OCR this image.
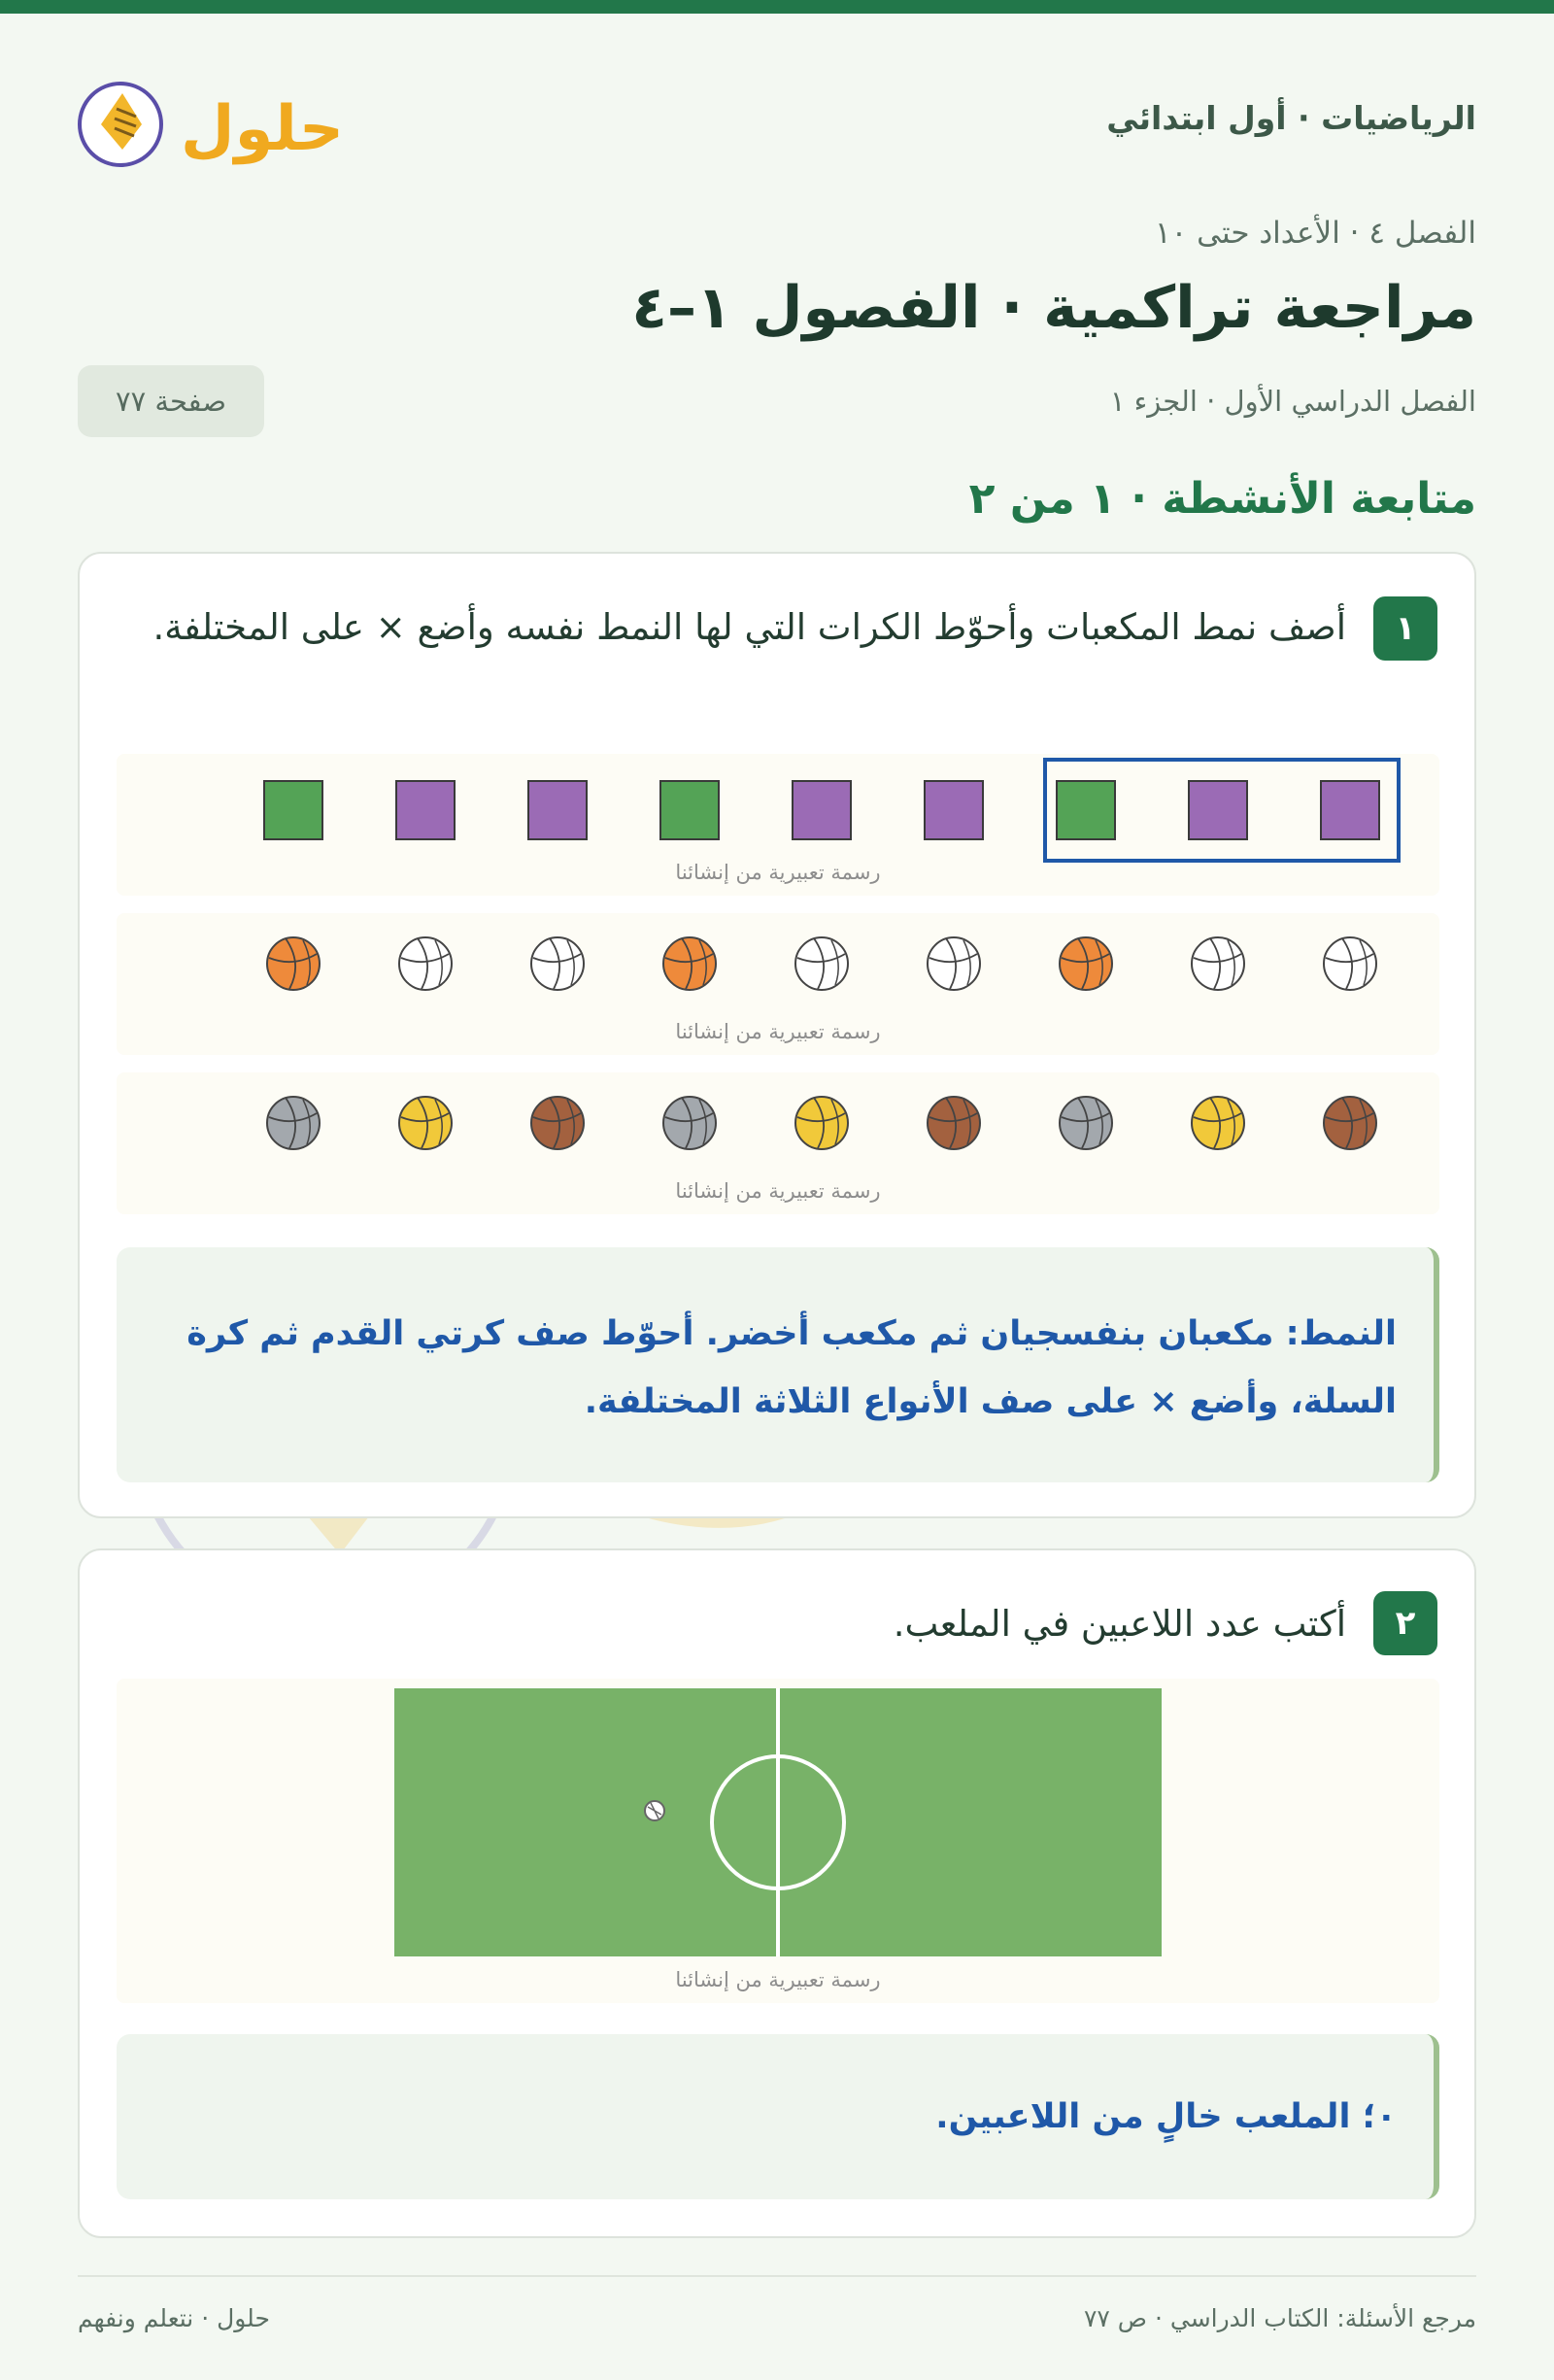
الرياضيات · أول ابتدائي
حلول
الفصل ٤ · الأعداد حتى ١٠
مراجعة تراكمية · الفصول ١–٤
الفصل الدراسي الأول · الجزء ١
صفحة ٧٧
متابعة الأنشطة · ١ من ٢
١
أصف نمط المكعبات وأحوّط الكرات التي لها النمط نفسه وأضع × على المختلفة.
رسمة تعبيرية من إنشائنا
رسمة تعبيرية من إنشائنا
رسمة تعبيرية من إنشائنا
النمط: مكعبان بنفسجيان ثم مكعب أخضر. أحوّط صف كرتي القدم ثم كرة السلة، وأضع × على صف الأنواع الثلاثة المختلفة.
٢
أكتب عدد اللاعبين في الملعب.
رسمة تعبيرية من إنشائنا
٠؛ الملعب خالٍ من اللاعبين.
مرجع الأسئلة: الكتاب الدراسي · ص ٧٧
حلول · نتعلم ونفهم
